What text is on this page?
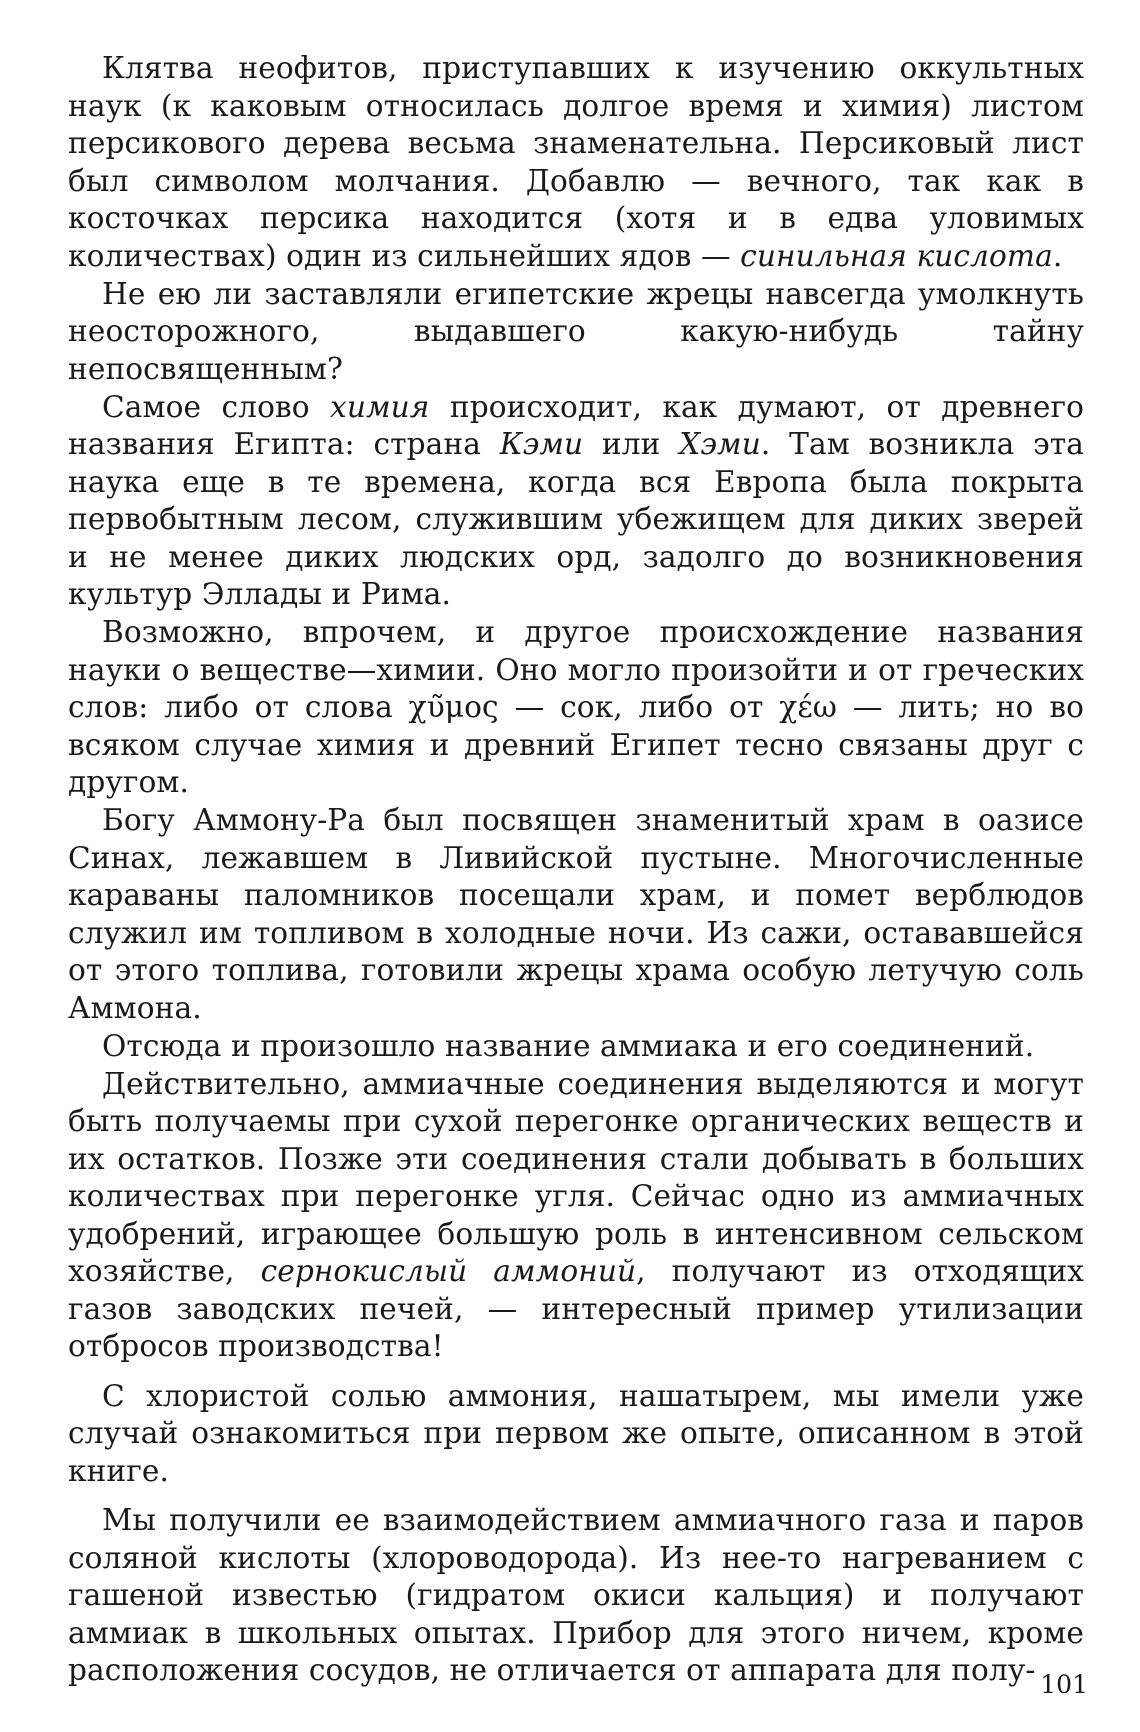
Клятва неофитов, приступавших к изучению оккультных наук (к каковым относилась долгое время и химия) листом персикового дерева весьма знаменательна. Персиковый лист был символом молчания. Добавлю — вечного, так как в косточках персика находится (хотя и в едва уловимых количествах) один из сильнейших ядов — синильная кислота.

Не ею ли заставляли египетские жрецы навсегда умолкнуть неосторожного, выдавшего какую-нибудь тайну непосвященным?

Самое слово химия происходит, как думают, от древнего названия Египта: страна Кэми или Хэми. Там возникла эта наука еще в те времена, когда вся Европа была покрыта первобытным лесом, служившим убежищем для диких зверей и не менее диких людских орд, задолго до возникновения культур Эллады и Рима.

Возможно, впрочем, и другое происхождение названия науки о веществе—химии. Оно могло произойти и от греческих слов: либо от слова χυ̃μος — сок, либо от χέω — лить; но во всяком случае химия и древний Египет тесно связаны друг с другом.

Богу Аммону-Ра был посвящен знаменитый храм в оазисе Синах, лежавшем в Ливийской пустыне. Многочисленные караваны паломников посещали храм, и помет верблюдов служил им топливом в холодные ночи. Из сажи, остававшейся от этого топлива, готовили жрецы храма особую летучую соль Аммона.

Отсюда и произошло название аммиака и его соединений.

Действительно, аммиачные соединения выделяются и могут быть получаемы при сухой перегонке органических веществ и их остатков. Позже эти соединения стали добывать в больших количествах при перегонке угля. Сейчас одно из аммиачных удобрений, играющее большую роль в интенсивном сельском хозяйстве, сернокислый аммоний, получают из отходящих газов заводских печей, — интересный пример утилизации отбросов производства!

С хлористой солью аммония, нашатырем, мы имели уже случай ознакомиться при первом же опыте, описанном в этой книге.

Мы получили ее взаимодействием аммиачного газа и паров соляной кислоты (хлороводорода). Из нее-то нагреванием с гашеной известью (гидратом окиси кальция) и получают аммиак в школьных опытах. Прибор для этого ничем, кроме расположения сосудов, не отличается от аппарата для полу- 101
